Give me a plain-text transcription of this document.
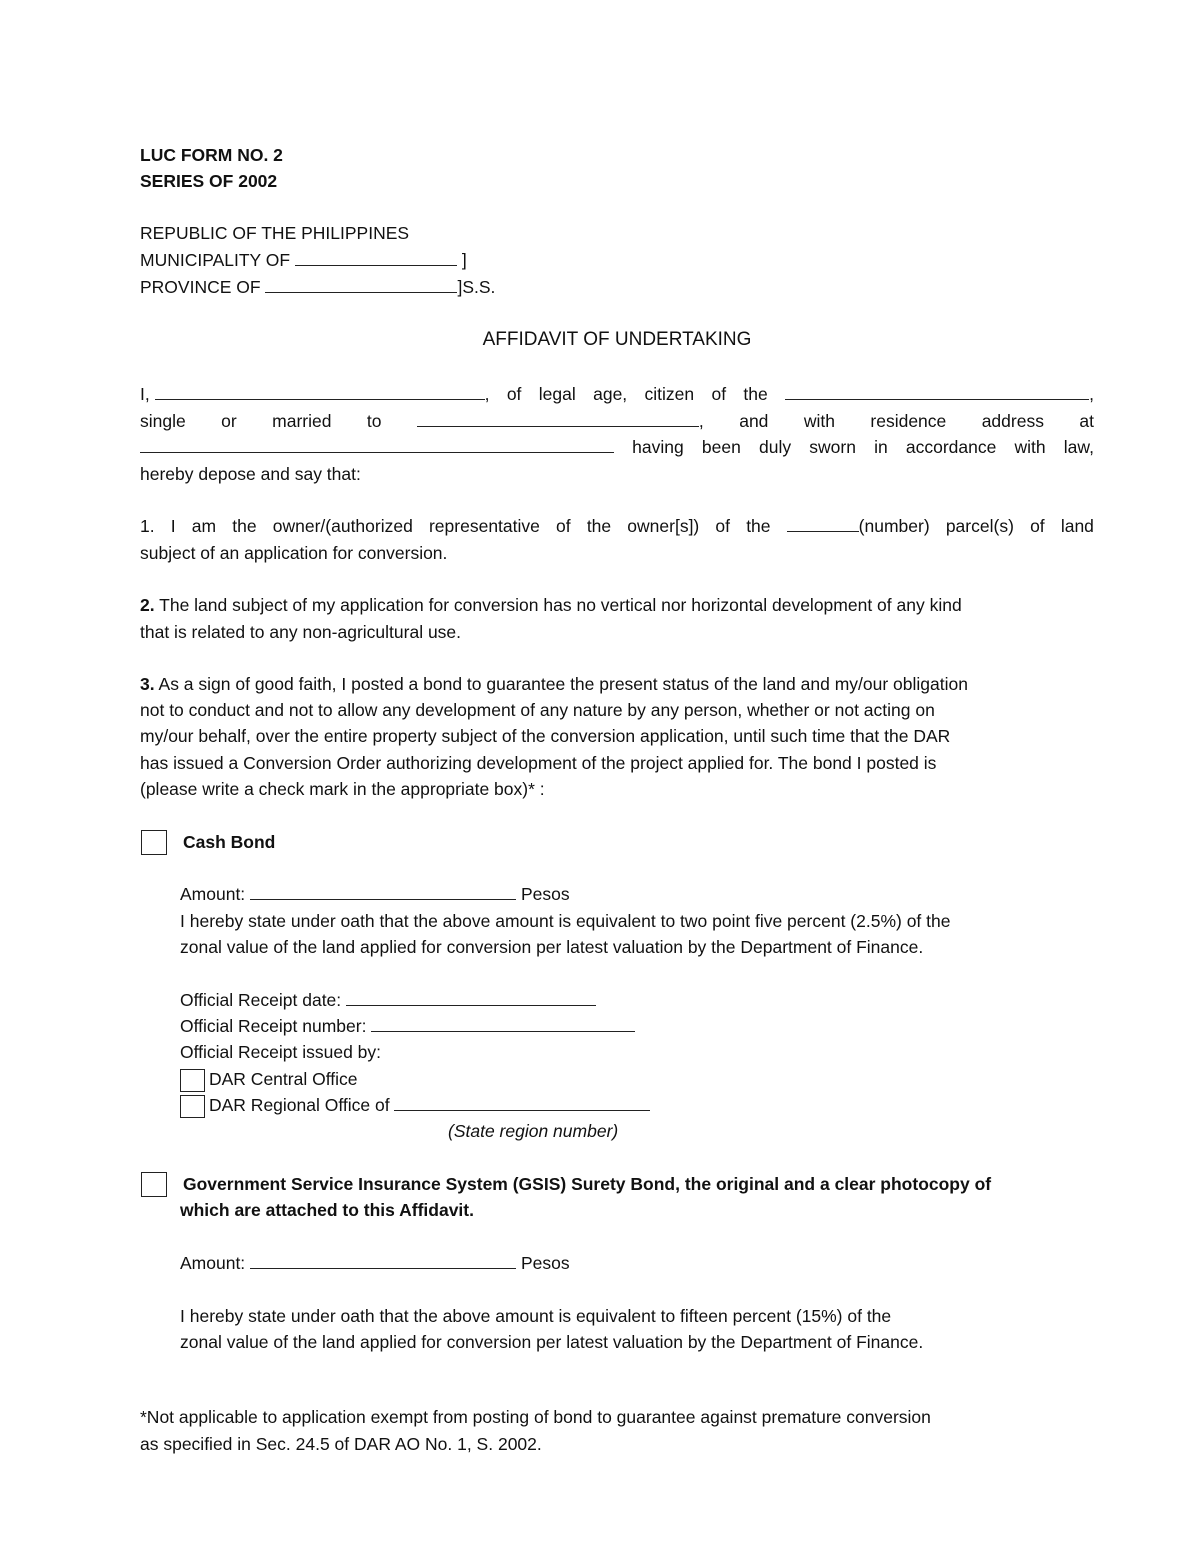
LUC FORM NO. 2
SERIES OF 2002
REPUBLIC OF THE PHILIPPINES
MUNICIPALITY OF	]
PROVINCE OF	]S.S.
AFFIDAVIT OF UNDERTAKING
I,	, of legal age, citizen of the	,
single or married to	, and with residence address at
having been duly sworn in accordance with law,
hereby depose and say that:
1. I am the owner/(authorized representative of the owner[s]) of the	(number) parcel(s) of land
subject of an application for conversion.
2. The land subject of my application for conversion has no vertical nor horizontal development of any kind
that is related to any non-agricultural use.
3. As a sign of good faith, I posted a bond to guarantee the present status of the land and my/our obligation
not to conduct and not to allow any development of any nature by any person, whether or not acting on
my/our behalf, over the entire property subject of the conversion application, until such time that the DAR
has issued a Conversion Order authorizing development of the project applied for. The bond I posted is
(please write a check mark in the appropriate box)* :
Cash Bond
Amount:	Pesos
I hereby state under oath that the above amount is equivalent to two point five percent (2.5%) of the
zonal value of the land applied for conversion per latest valuation by the Department of Finance.
Official Receipt date:
Official Receipt number:
Official Receipt issued by:
DAR Central Office
DAR Regional Office of
(State region number)
Government Service Insurance System (GSIS) Surety Bond, the original and a clear photocopy of
which are attached to this Affidavit.
Amount:	Pesos
I hereby state under oath that the above amount is equivalent to fifteen percent (15%) of the
zonal value of the land applied for conversion per latest valuation by the Department of Finance.
*Not applicable to application exempt from posting of bond to guarantee against premature conversion
as specified in Sec. 24.5 of DAR AO No. 1, S. 2002.
